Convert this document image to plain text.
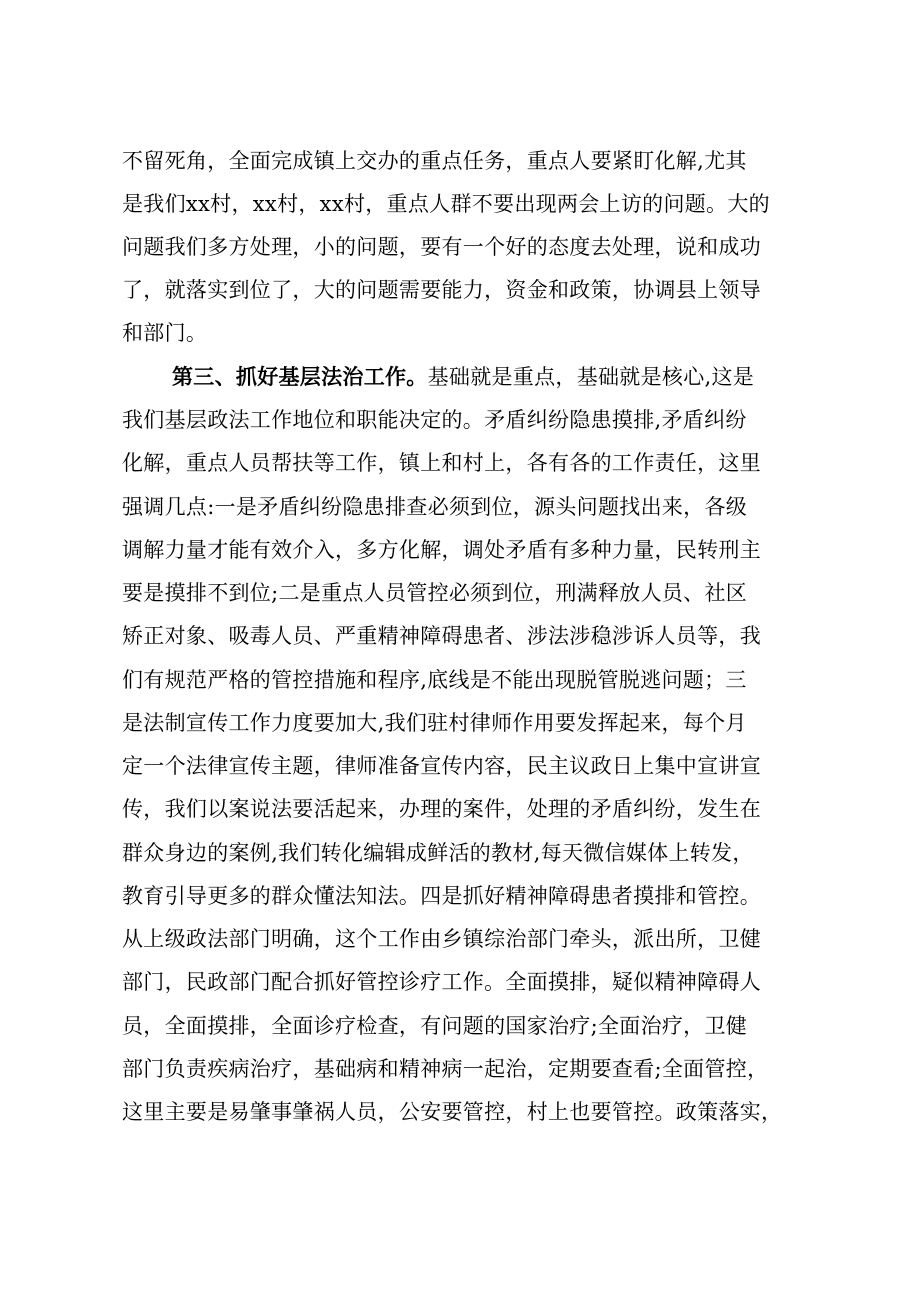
不留死角，全面完成镇上交办的重点任务，重点人要紧盯化解,尤其
是我们xx村，xx村，xx村，重点人群不要出现两会上访的问题。大的
问题我们多方处理，小的问题，要有一个好的态度去处理，说和成功
了，就落实到位了，大的问题需要能力，资金和政策，协调县上领导
和部门。
第三、抓好基层法治工作。基础就是重点，基础就是核心,这是
我们基层政法工作地位和职能决定的。矛盾纠纷隐患摸排,矛盾纠纷
化解，重点人员帮扶等工作，镇上和村上，各有各的工作责任，这里
强调几点:一是矛盾纠纷隐患排查必须到位，源头问题找出来，各级
调解力量才能有效介入，多方化解，调处矛盾有多种力量，民转刑主
要是摸排不到位;二是重点人员管控必须到位，刑满释放人员、社区
矫正对象、吸毒人员、严重精神障碍患者、涉法涉稳涉诉人员等，我
们有规范严格的管控措施和程序,底线是不能出现脱管脱逃问题；三
是法制宣传工作力度要加大,我们驻村律师作用要发挥起来，每个月
定一个法律宣传主题，律师准备宣传内容，民主议政日上集中宣讲宣
传，我们以案说法要活起来，办理的案件，处理的矛盾纠纷，发生在
群众身边的案例,我们转化编辑成鲜活的教材,每天微信媒体上转发，
教育引导更多的群众懂法知法。四是抓好精神障碍患者摸排和管控。
从上级政法部门明确，这个工作由乡镇综治部门牵头，派出所，卫健
部门，民政部门配合抓好管控诊疗工作。全面摸排，疑似精神障碍人
员，全面摸排，全面诊疗检查，有问题的国家治疗;全面治疗，卫健
部门负责疾病治疗，基础病和精神病一起治，定期要查看;全面管控，
这里主要是易肇事肇祸人员，公安要管控，村上也要管控。政策落实，
